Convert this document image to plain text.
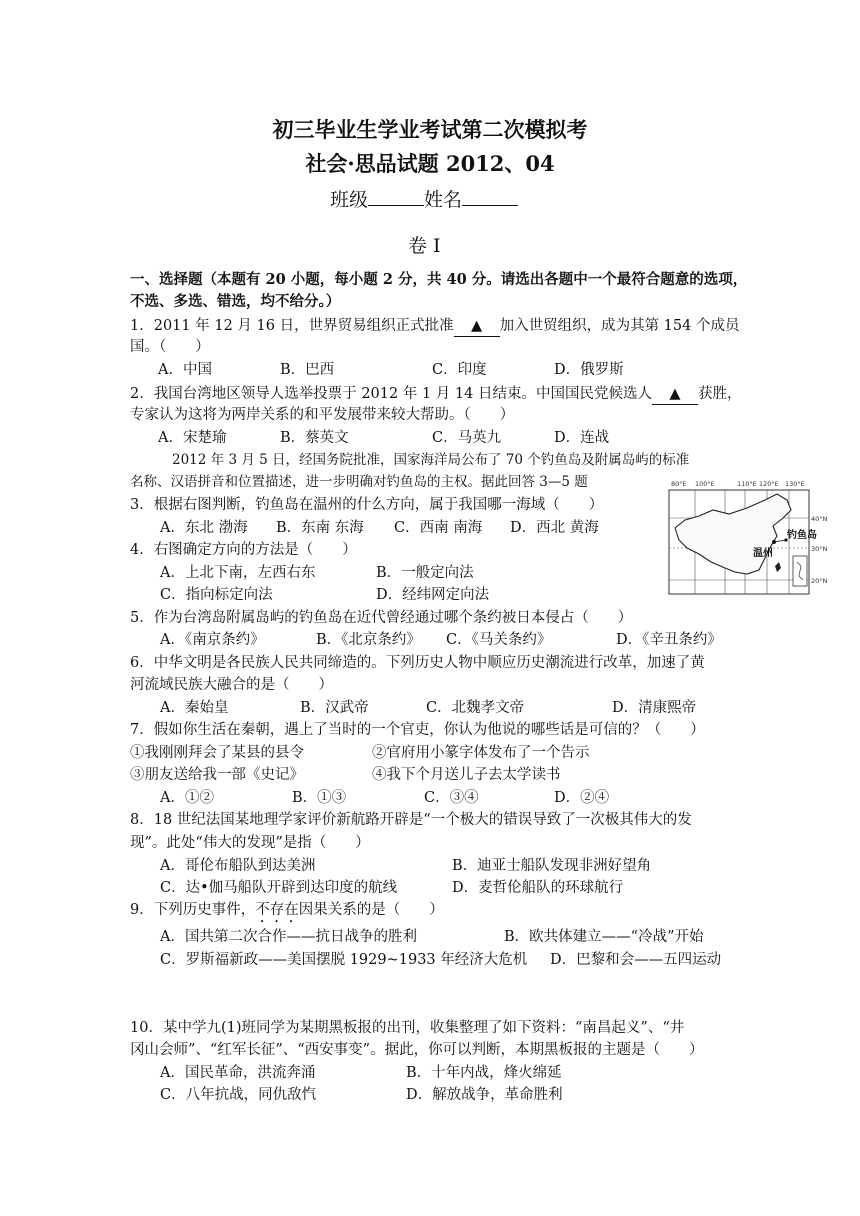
初三毕业生学业考试第二次模拟考
社会·思品试题 2012、04
班级	姓名
卷 Ⅰ
一、选择题（本题有 20 小题，每小题 2 分，共 40 分。请选出各题中一个最符合题意的选项，
不选、多选、错选，均不给分。）
1．2011 年 12 月 16 日，世界贸易组织正式批准 ▲ 加入世贸组织，成为其第 154 个成员
国。（　　）
A．中国	B．巴西	C．印度	D．俄罗斯
2．我国台湾地区领导人选举投票于 2012 年 1 月 14 日结束。中国国民党候选人 ▲ 获胜，
专家认为这将为两岸关系的和平发展带来较大帮助。（　　）
A．宋楚瑜	B．蔡英文	C．马英九	D．连战
2012 年 3 月 5 日，经国务院批准，国家海洋局公布了 70 个钓鱼岛及附属岛屿的标准
名称、汉语拼音和位置描述，进一步明确对钓鱼岛的主权。据此回答 3—5 题
3．根据右图判断，钓鱼岛在温州的什么方向，属于我国哪一海域（　　）
A．东北 渤海 B．东南 东海 C．西南 南海 D．西北 黄海
4．右图确定方向的方法是（　　）
A．上北下南，左西右东	B．一般定向法
C．指向标定向法	D．经纬网定向法
80°E 100°E	110°E 120°E 130°E
40°N
30°N
20°N
温州
钓鱼岛
5．作为台湾岛附属岛屿的钓鱼岛在近代曾经通过哪个条约被日本侵占（　　）
A．《南京条约》	B．《北京条约》 C．《马关条约》	D．《辛丑条约》
6．中华文明是各民族人民共同缔造的。下列历史人物中顺应历史潮流进行改革，加速了黄
河流域民族大融合的是（　　）
A．秦始皇	B．汉武帝	C．北魏孝文帝	D．清康熙帝
7．假如你生活在秦朝，遇上了当时的一个官吏，你认为他说的哪些话是可信的？（　　）
①我刚刚拜会了某县的县令	②官府用小篆字体发布了一个告示
③朋友送给我一部《史记》	④我下个月送儿子去太学读书
A．①②	B．①③	C．③④	D．②④
8．18 世纪法国某地理学家评价新航路开辟是“一个极大的错误导致了一次极其伟大的发
现”。此处“伟大的发现”是指（　　）
A．哥伦布船队到达美洲	B．迪亚士船队发现非洲好望角
C．达•伽马船队开辟到达印度的航线	D．麦哲伦船队的环球航行
9．下列历史事件，不存在因果关系的是（　　）
A．国共第二次合作——抗日战争的胜利	B．欧共体建立——“冷战”开始
C．罗斯福新政——美国摆脱 1929~1933 年经济大危机 D．巴黎和会——五四运动
10．某中学九(1)班同学为某期黑板报的出刊，收集整理了如下资料：“南昌起义”、“井
冈山会师”、“红军长征”、“西安事变”。据此，你可以判断，本期黑板报的主题是（　　）
A．国民革命，洪流奔涌	B．十年内战，烽火绵延
C．八年抗战，同仇敌忾	D．解放战争，革命胜利
